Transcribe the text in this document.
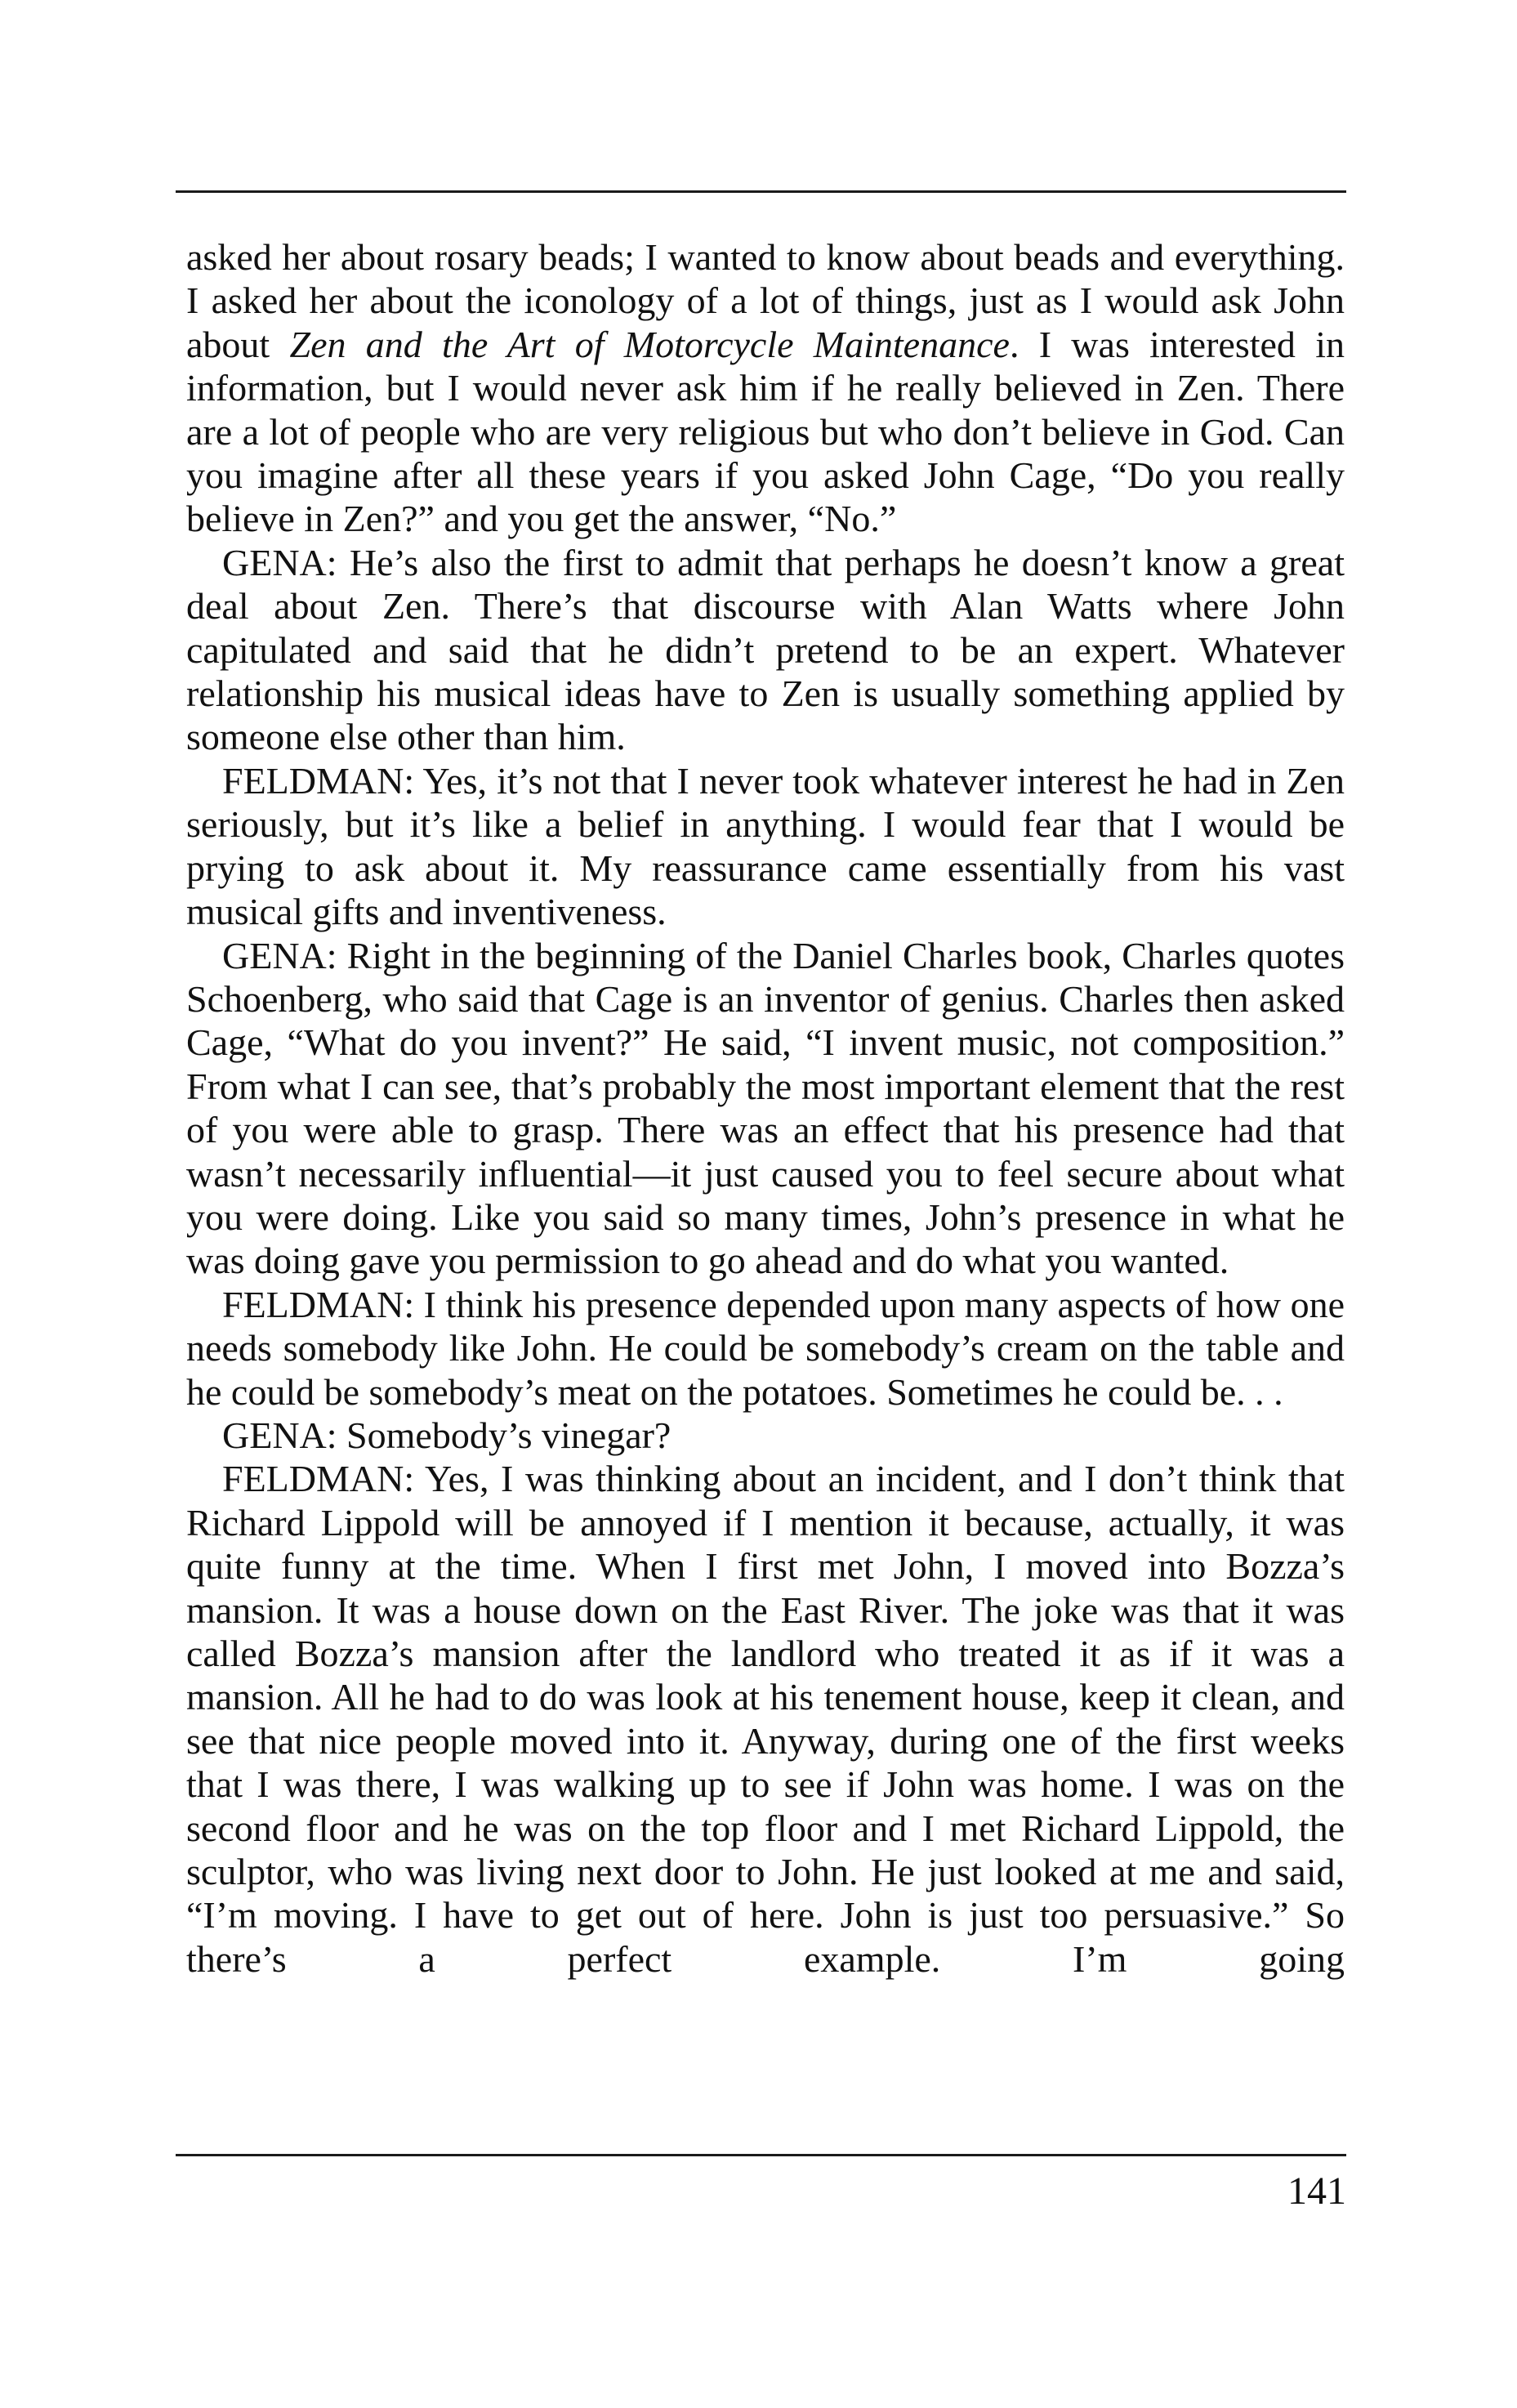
asked her about rosary beads; I wanted to know about beads and everything. I asked her about the iconology of a lot of things, just as I would ask John about Zen and the Art of Motorcycle Maintenance. I was interested in information, but I would never ask him if he really believed in Zen. There are a lot of people who are very religious but who don’t believe in God. Can you imagine after all these years if you asked John Cage, “Do you really believe in Zen?” and you get the answer, “No.”

GENA: He’s also the first to admit that perhaps he doesn’t know a great deal about Zen. There’s that discourse with Alan Watts where John capitulated and said that he didn’t pretend to be an expert. Whatever relationship his musical ideas have to Zen is usually something applied by someone else other than him.

FELDMAN: Yes, it’s not that I never took whatever interest he had in Zen seriously, but it’s like a belief in anything. I would fear that I would be prying to ask about it. My reassurance came essentially from his vast musical gifts and inventiveness.

GENA: Right in the beginning of the Daniel Charles book, Charles quotes Schoenberg, who said that Cage is an inventor of genius. Charles then asked Cage, “What do you invent?” He said, “I invent music, not composition.” From what I can see, that’s probably the most important element that the rest of you were able to grasp. There was an effect that his presence had that wasn’t necessarily influential—it just caused you to feel secure about what you were doing. Like you said so many times, John’s presence in what he was doing gave you permission to go ahead and do what you wanted.

FELDMAN: I think his presence depended upon many aspects of how one needs somebody like John. He could be somebody’s cream on the table and he could be somebody’s meat on the potatoes. Sometimes he could be. . .

GENA: Somebody’s vinegar?

FELDMAN: Yes, I was thinking about an incident, and I don’t think that Richard Lippold will be annoyed if I mention it because, actually, it was quite funny at the time. When I first met John, I moved into Bozza’s mansion. It was a house down on the East River. The joke was that it was called Bozza’s mansion after the landlord who treated it as if it was a mansion. All he had to do was look at his tenement house, keep it clean, and see that nice people moved into it. Anyway, during one of the first weeks that I was there, I was walking up to see if John was home. I was on the second floor and he was on the top floor and I met Richard Lippold, the sculptor, who was living next door to John. He just looked at me and said, “I’m moving. I have to get out of here. John is just too persuasive.” So there’s a perfect example. I’m going

141
